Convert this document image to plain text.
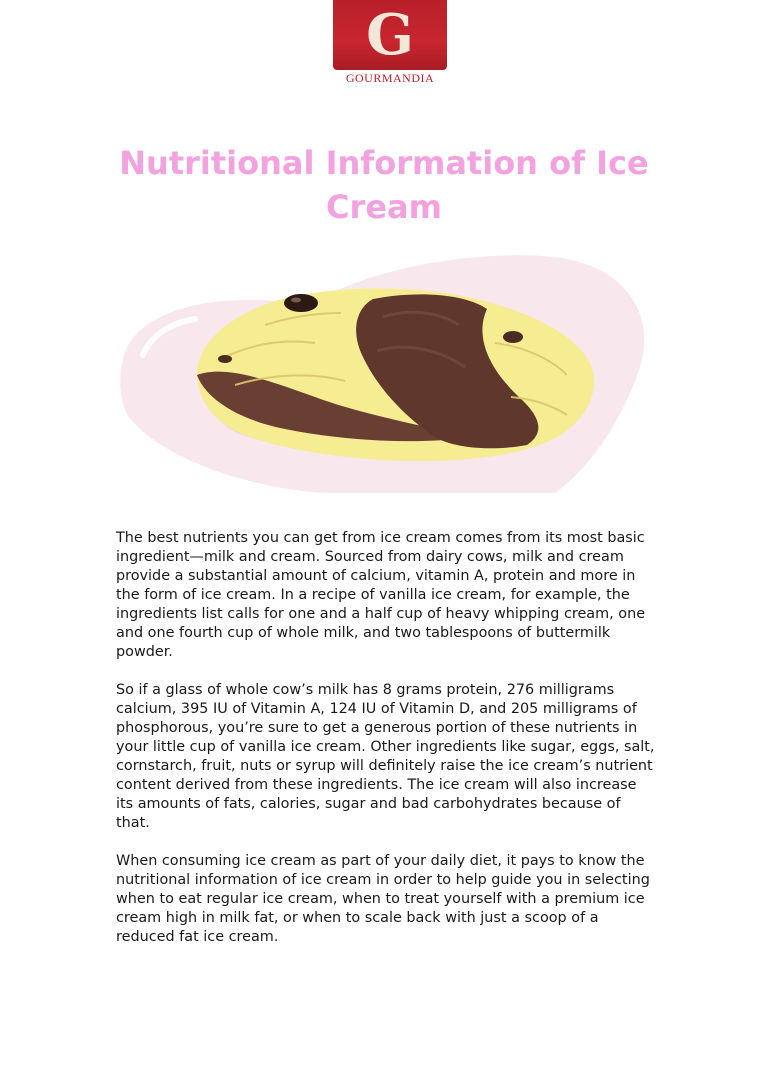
G
GOURMANDIA
Nutritional Information of Ice Cream

The best nutrients you can get from ice cream comes from its most basic ingredient—milk and cream. Sourced from dairy cows, milk and cream provide a substantial amount of calcium, vitamin A, protein and more in the form of ice cream. In a recipe of vanilla ice cream, for example, the ingredients list calls for one and a half cup of heavy whipping cream, one and one fourth cup of whole milk, and two tablespoons of buttermilk powder.

So if a glass of whole cow’s milk has 8 grams protein, 276 milligrams calcium, 395 IU of Vitamin A, 124 IU of Vitamin D, and 205 milligrams of phosphorous, you’re sure to get a generous portion of these nutrients in your little cup of vanilla ice cream. Other ingredients like sugar, eggs, salt, cornstarch, fruit, nuts or syrup will definitely raise the ice cream’s nutrient content derived from these ingredients. The ice cream will also increase its amounts of fats, calories, sugar and bad carbohydrates because of that.

When consuming ice cream as part of your daily diet, it pays to know the nutritional information of ice cream in order to help guide you in selecting when to eat regular ice cream, when to treat yourself with a premium ice cream high in milk fat, or when to scale back with just a scoop of a reduced fat ice cream.
